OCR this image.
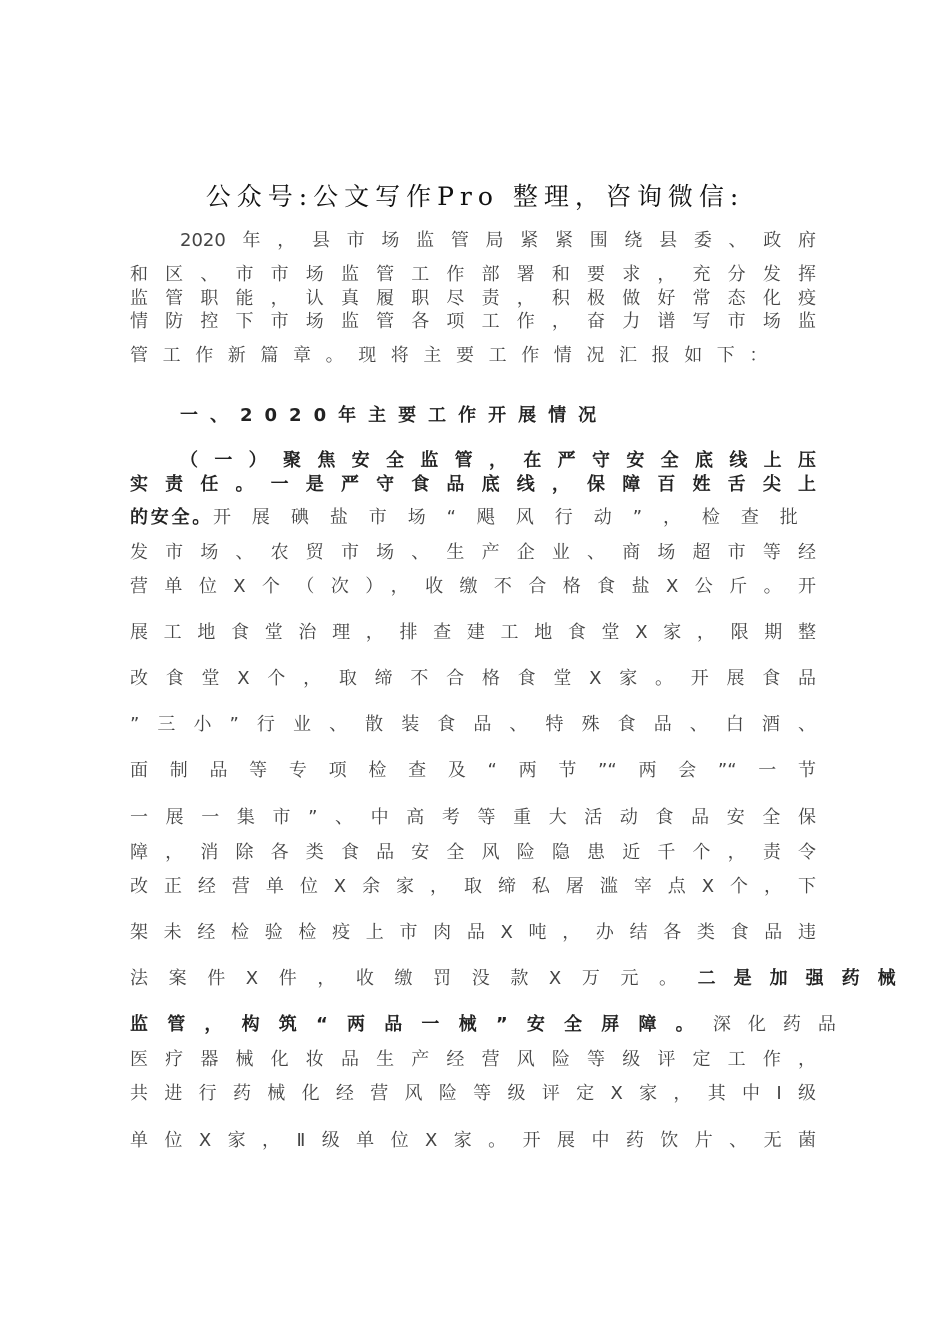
公众号:公文写作Pro 整理，咨询微信:
2020年，县市场监管局紧紧围绕县委、政府
和区、市市场监管工作部署和要求，充分发挥
监管职能，认真履职尽责，积极做好常态化疫
情防控下市场监管各项工作，奋力谱写市场监
管工作新篇章。现将主要工作情况汇报如下：
一、2020年主要工作开展情况
（一）聚焦安全监管，在严守安全底线上压
实责任。一是严守食品底线，保障百姓舌尖上
的安全。开展碘盐市场“飓风行动”，检查批
发市场、农贸市场、生产企业、商场超市等经
营单位X个（次），收缴不合格食盐X公斤。开
展工地食堂治理，排查建工地食堂X家，限期整
改食堂X个，取缔不合格食堂X家。开展食品
”三小”行业、散装食品、特殊食品、白酒、
面制品等专项检查及“两节”“两会”“一节
一展一集市”、中高考等重大活动食品安全保
障，消除各类食品安全风险隐患近千个，责令
改正经营单位X余家，取缔私屠滥宰点X个，下
架未经检验检疫上市肉品X吨，办结各类食品违
法案件X件，收缴罚没款X万元。二是加强药械
监管，构筑“两品一械”安全屏障。深化药品
医疗器械化妆品生产经营风险等级评定工作，
共进行药械化经营风险等级评定X家，其中Ⅰ级
单位X家，Ⅱ级单位X家。开展中药饮片、无菌
